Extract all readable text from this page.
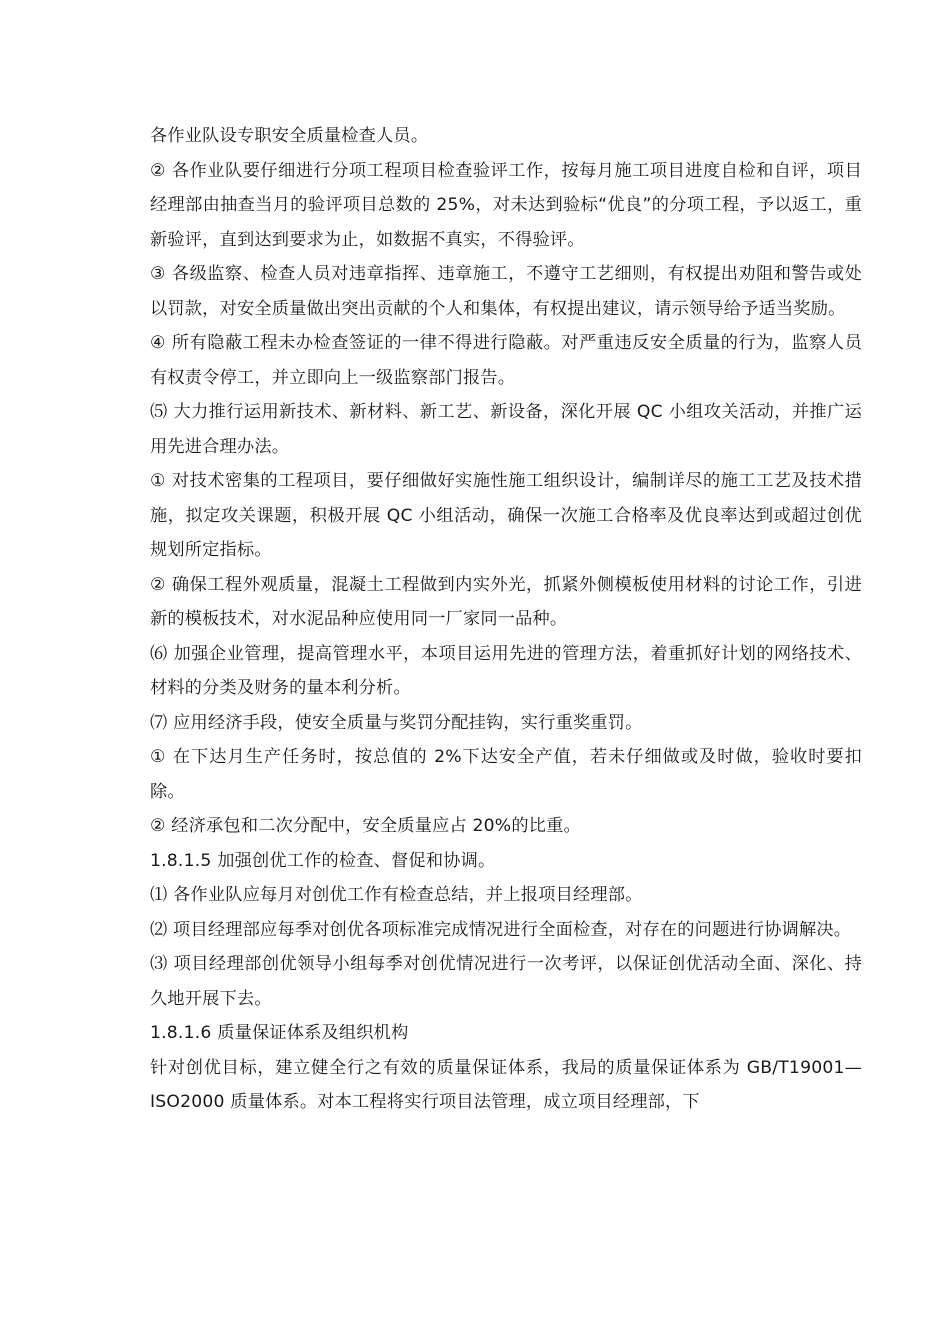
各作业队设专职安全质量检查人员。

② 各作业队要仔细进行分项工程项目检查验评工作，按每月施工项目进度自检和自评，项目经理部由抽查当月的验评项目总数的 25%，对未达到验标“优良”的分项工程，予以返工，重新验评，直到达到要求为止，如数据不真实，不得验评。

③ 各级监察、检查人员对违章指挥、违章施工，不遵守工艺细则，有权提出劝阻和警告或处以罚款，对安全质量做出突出贡献的个人和集体，有权提出建议，请示领导给予适当奖励。

④ 所有隐蔽工程未办检查签证的一律不得进行隐蔽。对严重违反安全质量的行为，监察人员有权责令停工，并立即向上一级监察部门报告。

⑸ 大力推行运用新技术、新材料、新工艺、新设备，深化开展 QC 小组攻关活动，并推广运用先进合理办法。

① 对技术密集的工程项目，要仔细做好实施性施工组织设计，编制详尽的施工工艺及技术措施，拟定攻关课题，积极开展 QC 小组活动，确保一次施工合格率及优良率达到或超过创优规划所定指标。

② 确保工程外观质量，混凝土工程做到内实外光，抓紧外侧模板使用材料的讨论工作，引进新的模板技术，对水泥品种应使用同一厂家同一品种。

⑹ 加强企业管理，提高管理水平，本项目运用先进的管理方法，着重抓好计划的网络技术、材料的分类及财务的量本利分析。

⑺ 应用经济手段，使安全质量与奖罚分配挂钩，实行重奖重罚。

① 在下达月生产任务时，按总值的 2%下达安全产值，若未仔细做或及时做，验收时要扣除。

② 经济承包和二次分配中，安全质量应占 20%的比重。

1.8.1.5 加强创优工作的检查、督促和协调。

⑴ 各作业队应每月对创优工作有检查总结，并上报项目经理部。

⑵ 项目经理部应每季对创优各项标准完成情况进行全面检查，对存在的问题进行协调解决。

⑶ 项目经理部创优领导小组每季对创优情况进行一次考评，以保证创优活动全面、深化、持久地开展下去。

1.8.1.6 质量保证体系及组织机构

针对创优目标，建立健全行之有效的质量保证体系，我局的质量保证体系为 GB/T19001—ISO2000 质量体系。对本工程将实行项目法管理，成立项目经理部，下
